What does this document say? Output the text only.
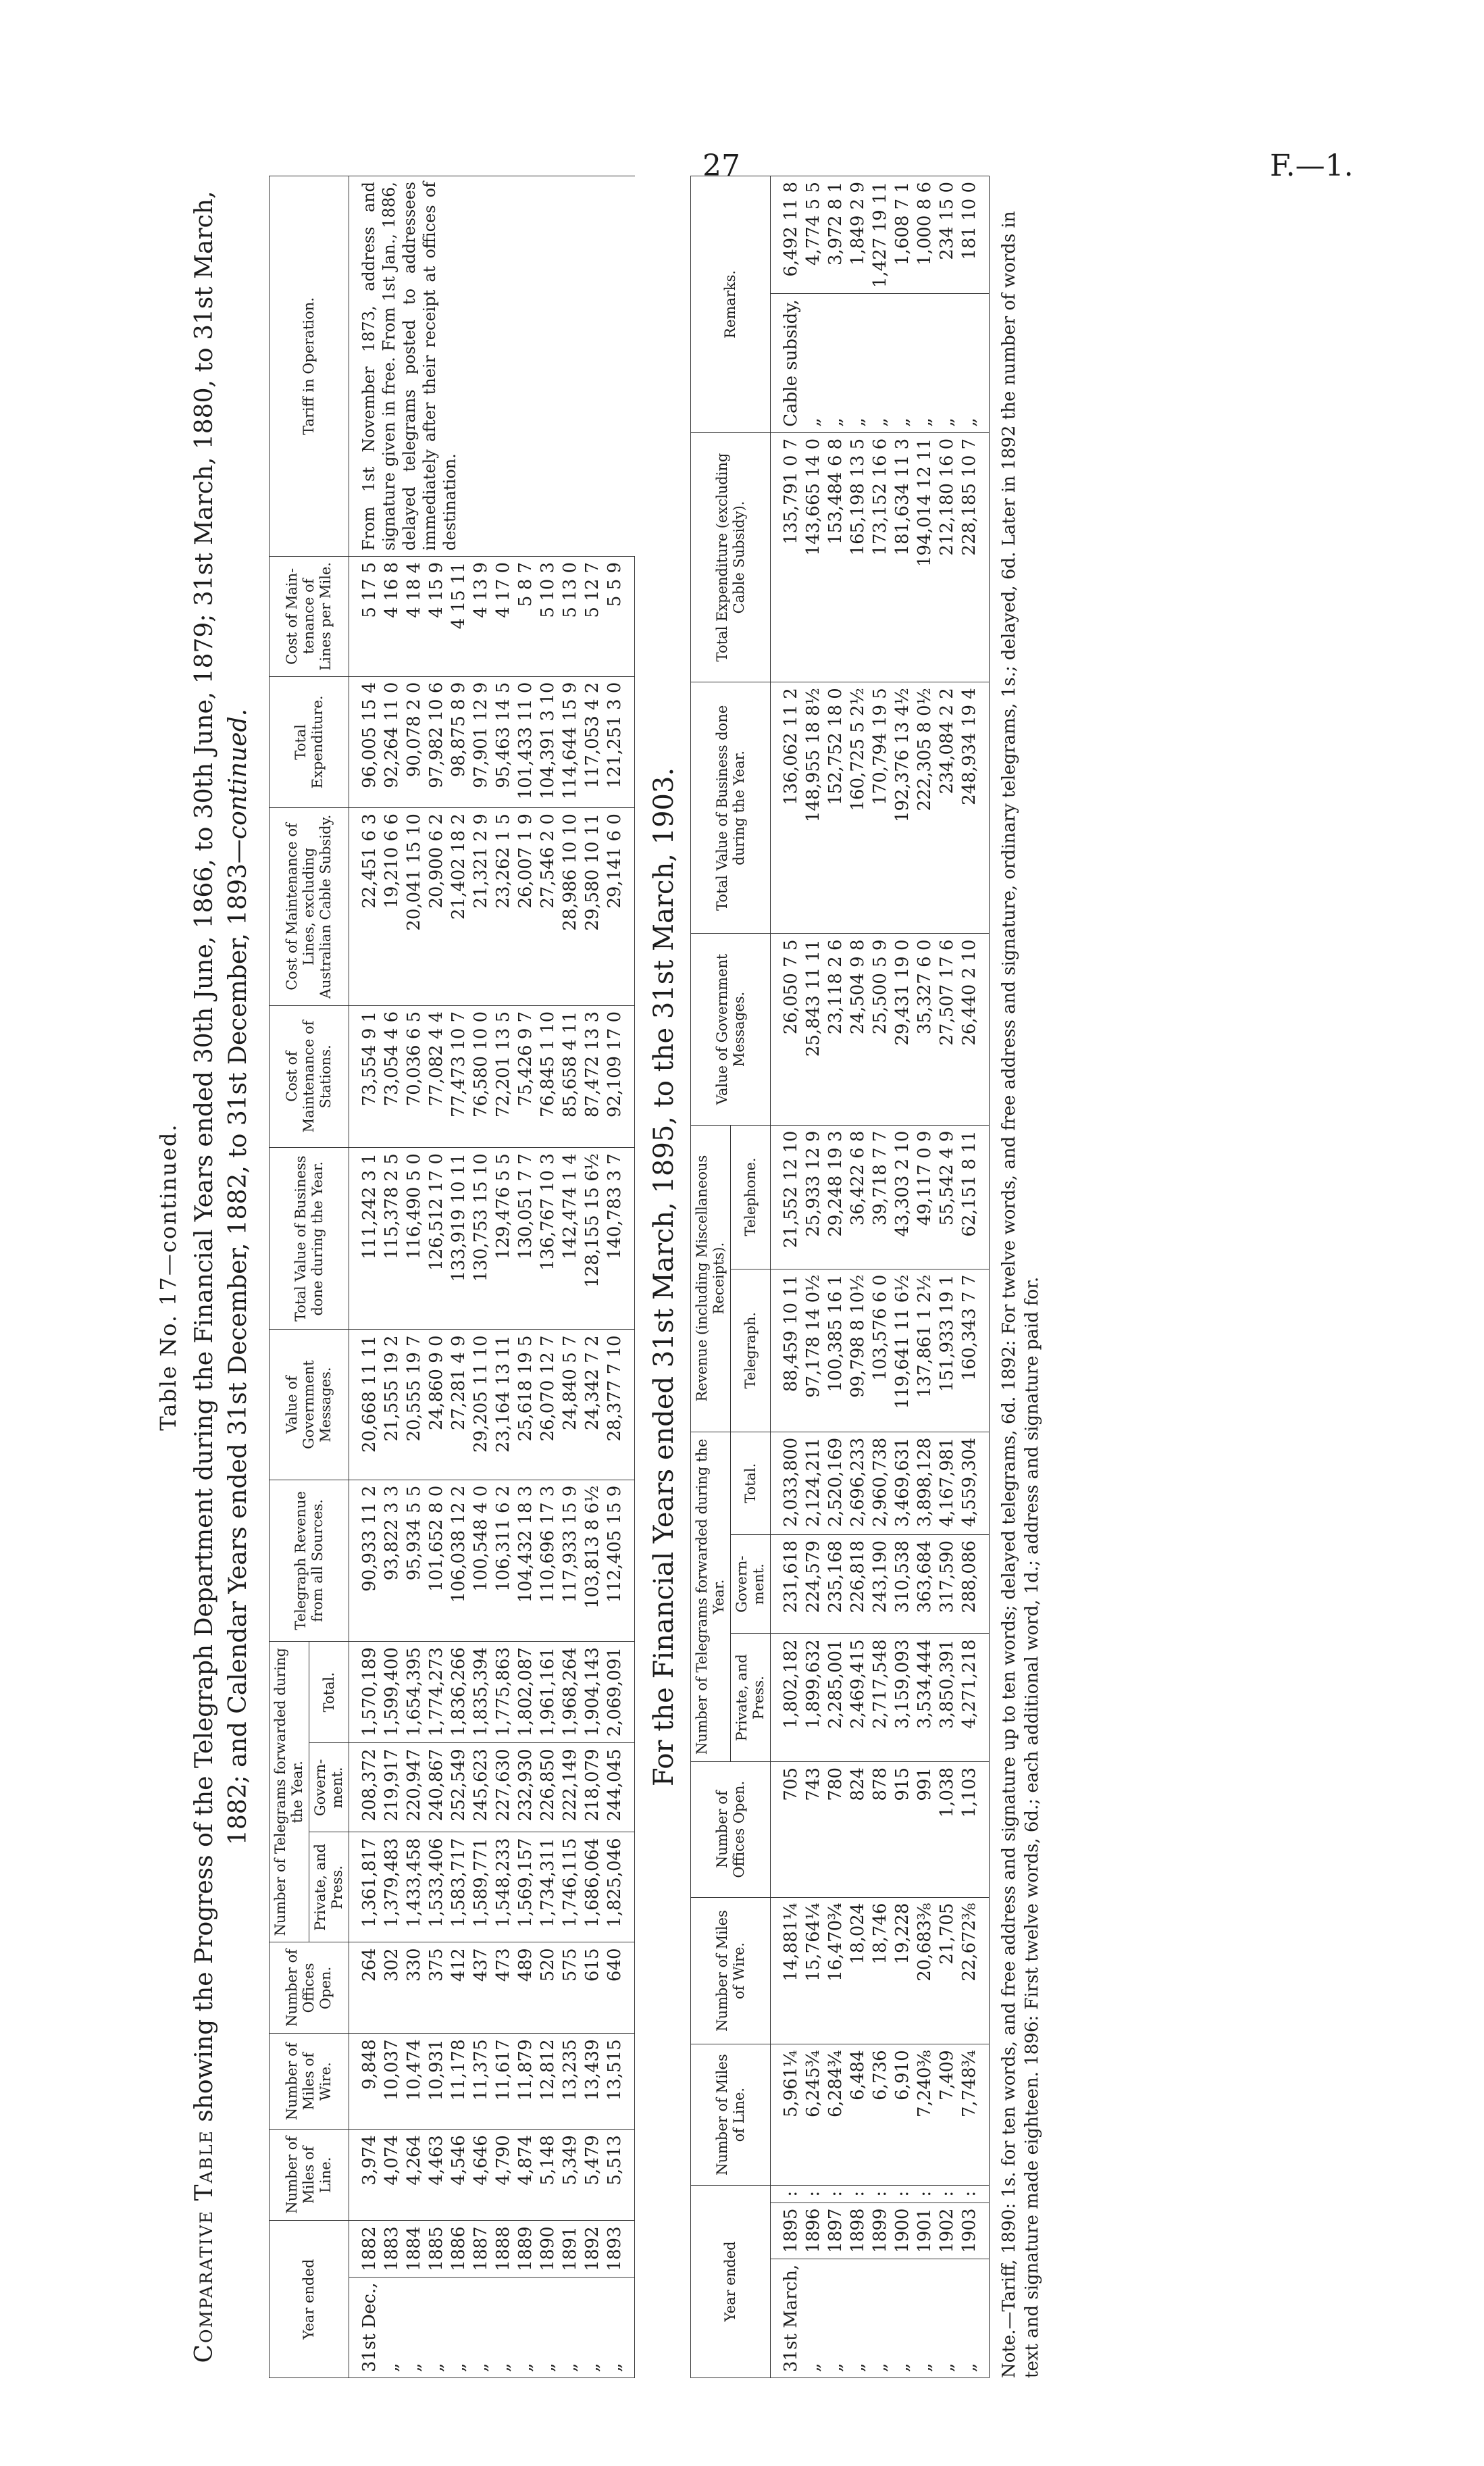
27	F.—1.
Table No. 17—continued.
Comparative Table showing the Progress of the Telegraph Department during the Financial Years ended 30th June, 1866, to 30th June, 1879; 31st March, 1880, to 31st March, 1882; and Calendar Years ended 31st December, 1882, to 31st December, 1893—continued.
Year ended		Number of Miles of Line.	Number of Miles of Wire.	Number of Offices Open.	Number of Telegrams forwarded during the Year.			Telegraph Revenue from all Sources.	Value of Government Messages.	Total Value of Business done during the Year.	Cost of Maintenance of Stations.	Cost of Maintenance of Lines, excluding Australian Cable Subsidy.	Total Expenditure.	Cost of Main-tenance of Lines per Mile.	Tariff in Operation.
					Private, and Press.	Govern-ment.	Total.								
31st Dec.,	1882	3,974	9,848	264	1,361,817	208,372	1,570,189	90,933 11 2	20,668 11 11	111,242 3 1	73,554 9 1	22,451 6 3	96,005 15 4	5 17 5	From 1st November 1873, address and signature given in free. From 1st Jan., 1886, delayed telegrams posted to addressees immediately after their receipt at offices of destination.
„	1883	4,074	10,037	302	1,379,483	219,917	1,599,400	93,822 3 3	21,555 19 2	115,378 2 5	73,054 4 6	19,210 6 6	92,264 11 0	4 16 8	
„	1884	4,264	10,474	330	1,433,458	220,947	1,654,395	95,934 5 5	20,555 19 7	116,490 5 0	70,036 6 5	20,041 15 10	90,078 2 0	4 18 4	
„	1885	4,463	10,931	375	1,533,406	240,867	1,774,273	101,652 8 0	24,860 9 0	126,512 17 0	77,082 4 4	20,900 6 2	97,982 10 6	4 15 9	
„	1886	4,546	11,178	412	1,583,717	252,549	1,836,266	106,038 12 2	27,281 4 9	133,919 10 11	77,473 10 7	21,402 18 2	98,875 8 9	4 15 11	
„	1887	4,646	11,375	437	1,589,771	245,623	1,835,394	100,548 4 0	29,205 11 10	130,753 15 10	76,580 10 0	21,321 2 9	97,901 12 9	4 13 9	
„	1888	4,790	11,617	473	1,548,233	227,630	1,775,863	106,311 6 2	23,164 13 11	129,476 5 5	72,201 13 5	23,262 1 5	95,463 14 5	4 17 0	
„	1889	4,874	11,879	489	1,569,157	232,930	1,802,087	104,432 18 3	25,618 19 5	130,051 7 7	75,426 9 7	26,007 1 9	101,433 11 0	5 8 7	
„	1890	5,148	12,812	520	1,734,311	226,850	1,961,161	110,696 17 3	26,070 12 7	136,767 10 3	76,845 1 10	27,546 2 0	104,391 3 10	5 10 3	
„	1891	5,349	13,235	575	1,746,115	222,149	1,968,264	117,933 15 9	24,840 5 7	142,474 1 4	85,658 4 11	28,986 10 10	114,644 15 9	5 13 0	
„	1892	5,479	13,439	615	1,686,064	218,079	1,904,143	103,813 8 6½	24,342 7 2	128,155 15 6½	87,472 13 3	29,580 10 11	117,053 4 2	5 12 7	
„	1893	5,513	13,515	640	1,825,046	244,045	2,069,091	112,405 15 9	28,377 7 10	140,783 3 7	92,109 17 0	29,141 6 0	121,251 3 0	5 5 9	
For the Financial Years ended 31st March, 1895, to the 31st March, 1903.
Year ended			Number of Miles of Line.	Number of Miles of Wire.	Number of Offices Open.	Number of Telegrams forwarded during the Year.			Revenue (including Miscellaneous Receipts).		Value of Government Messages.	Total Value of Business done during the Year.	Total Expenditure (excluding Cable Subsidy).	Remarks.	
						Private, and Press.	Govern-ment.	Total.	Telegraph.	Telephone.					
31st March,	1895	:	5,961¼	14,881¼	705	1,802,182	231,618	2,033,800	88,459 10 11	21,552 12 10	26,050 7 5	136,062 11 2	135,791 0 7	Cable subsidy,	6,492 11 8
„	1896	:	6,245¾	15,764¼	743	1,899,632	224,579	2,124,211	97,178 14 0½	25,933 12 9	25,843 11 11	148,955 18 8½	143,665 14 0	„	4,774 5 5
„	1897	:	6,284¾	16,470¾	780	2,285,001	235,168	2,520,169	100,385 16 1	29,248 19 3	23,118 2 6	152,752 18 0	153,484 6 8	„	3,972 8 1
„	1898	:	6,484	18,024	824	2,469,415	226,818	2,696,233	99,798 8 10½	36,422 6 8	24,504 9 8	160,725 5 2½	165,198 13 5	„	1,849 2 9
„	1899	:	6,736	18,746	878	2,717,548	243,190	2,960,738	103,576 6 0	39,718 7 7	25,500 5 9	170,794 19 5	173,152 16 6	„	1,427 19 11
„	1900	:	6,910	19,228	915	3,159,093	310,538	3,469,631	119,641 11 6½	43,303 2 10	29,431 19 0	192,376 13 4½	181,634 11 3	„	1,608 7 1
„	1901	:	7,240⅜	20,683⅜	991	3,534,444	363,684	3,898,128	137,861 1 2½	49,117 0 9	35,327 6 0	222,305 8 0½	194,014 12 11	„	1,000 8 6
„	1902	:	7,409	21,705	1,038	3,850,391	317,590	4,167,981	151,933 19 1	55,542 4 9	27,507 17 6	234,084 2 2	212,180 16 0	„	234 15 0
„	1903	:	7,748¾	22,672⅜	1,103	4,271,218	288,086	4,559,304	160,343 7 7	62,151 8 11	26,440 2 10	248,934 19 4	228,185 10 7	„	181 10 0 Note.—Tariff, 1890: 1s. for ten words, and free address and signature up to ten words; delayed telegrams, 6d. 1892: For twelve words, and free address and signature, ordinary telegrams, 1s.; delayed, 6d. Later in 1892 the number of words in text and signature made eighteen. 1896: First twelve words, 6d.; each additional word, 1d.; address and signature paid for.
